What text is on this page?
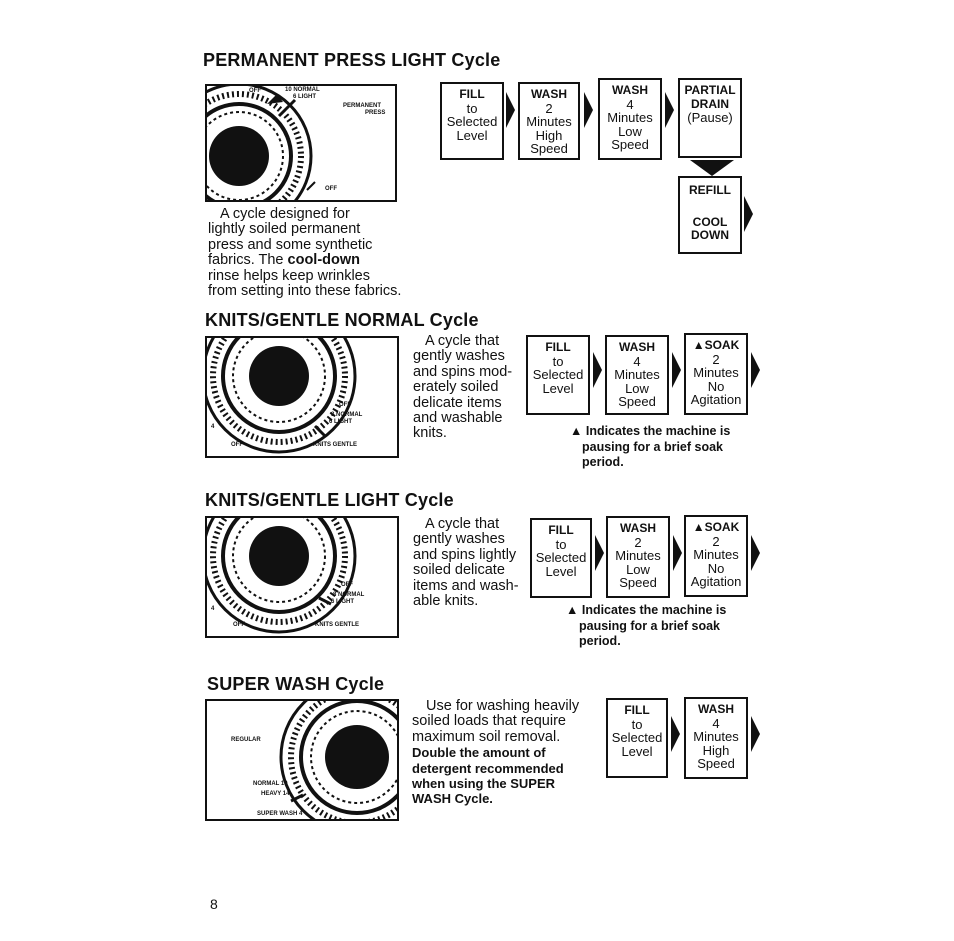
PERMANENT PRESS LIGHT Cycle
OFF	10 NORMAL
6 LIGHT
PERMANENT
PRESS
OFF
A cycle designed for
lightly soiled permanent
press and some synthetic
fabrics. The cool-down
rinse helps keep wrinkles
from setting into these fabrics.
FILL
to
Selected
Level
WASH
2
Minutes
High
Speed
WASH
4
Minutes
Low
Speed
PARTIAL
DRAIN
(Pause)
REFILL
COOL
DOWN
KNITS/GENTLE NORMAL Cycle
OFF
8 NORMAL
6 LIGHT
4
OFF	KNITS GENTLE
A cycle that
gently washes
and spins mod-
erately soiled
delicate items
and washable
knits.
FILL
to
Selected
Level
WASH
4
Minutes
Low
Speed
▲SOAK
2
Minutes
No
Agitation
▲ Indicates the machine is
pausing for a brief soak
period.
KNITS/GENTLE LIGHT Cycle
OFF
8 NORMAL
6 LIGHT
4
OFF	KNITS GENTLE
A cycle that
gently washes
and spins lightly
soiled delicate
items and wash-
able knits.
FILL
to
Selected
Level
WASH
2
Minutes
Low
Speed
▲SOAK
2
Minutes
No
Agitation
▲ Indicates the machine is
pausing for a brief soak
period.
SUPER WASH Cycle
REGULAR
NORMAL 10
HEAVY 14
SUPER WASH 4
Use for washing heavily
soiled loads that require
maximum soil removal.
Double the amount of
detergent recommended
when using the SUPER
WASH Cycle.
FILL
to
Selected
Level
WASH
4
Minutes
High
Speed
8
